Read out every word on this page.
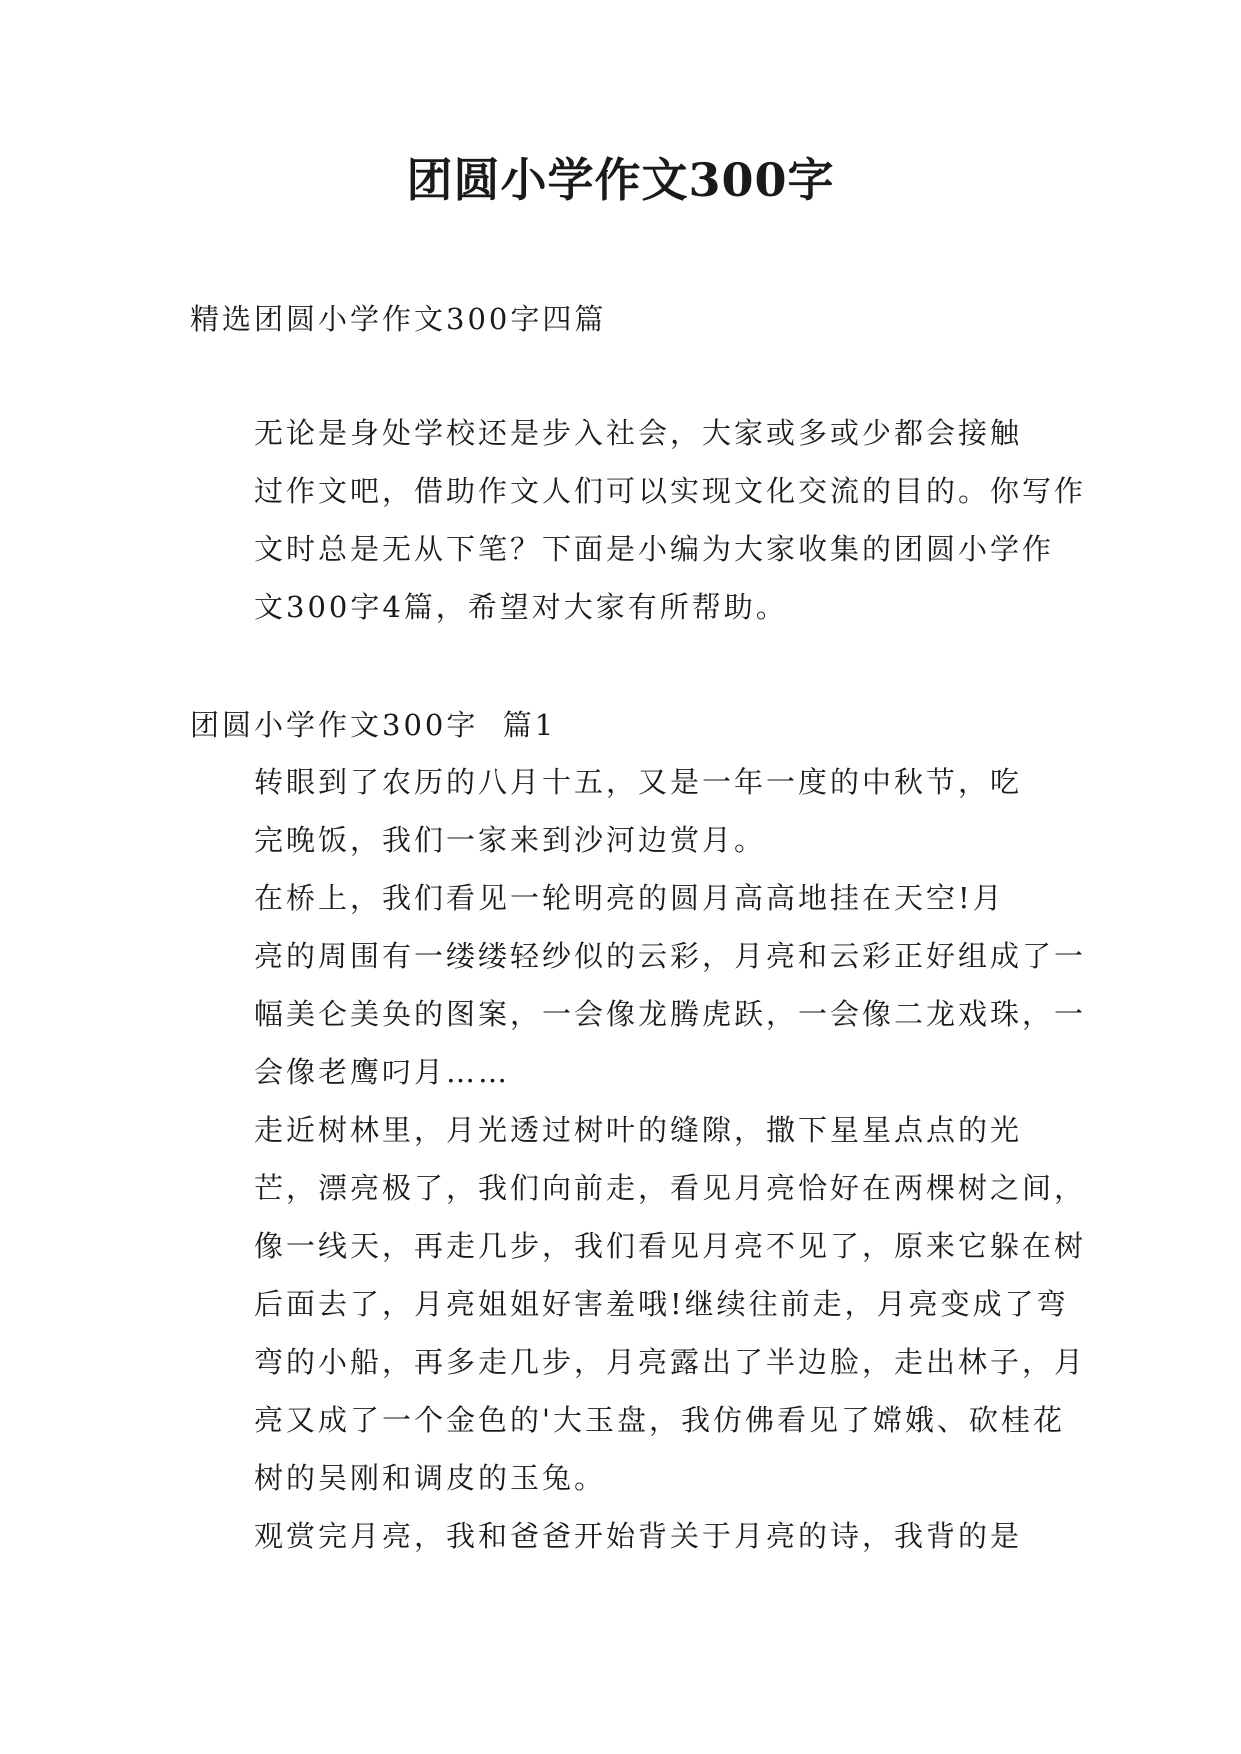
团圆小学作文300字
精选团圆小学作文300字四篇

无论是身处学校还是步入社会，大家或多或少都会接触
过作文吧，借助作文人们可以实现文化交流的目的。你写作
文时总是无从下笔？下面是小编为大家收集的团圆小学作
文300字4篇，希望对大家有所帮助。

团圆小学作文300字  篇1

转眼到了农历的八月十五，又是一年一度的中秋节，吃
完晚饭，我们一家来到沙河边赏月。

在桥上，我们看见一轮明亮的圆月高高地挂在天空!月
亮的周围有一缕缕轻纱似的云彩，月亮和云彩正好组成了一
幅美仑美奂的图案，一会像龙腾虎跃，一会像二龙戏珠，一
会像老鹰叼月……

走近树林里，月光透过树叶的缝隙，撒下星星点点的光
芒，漂亮极了，我们向前走，看见月亮恰好在两棵树之间，
像一线天，再走几步，我们看见月亮不见了，原来它躲在树
后面去了，月亮姐姐好害羞哦!继续往前走，月亮变成了弯
弯的小船，再多走几步，月亮露出了半边脸，走出林子，月
亮又成了一个金色的'大玉盘，我仿佛看见了嫦娥、砍桂花
树的吴刚和调皮的玉兔。

观赏完月亮，我和爸爸开始背关于月亮的诗，我背的是
